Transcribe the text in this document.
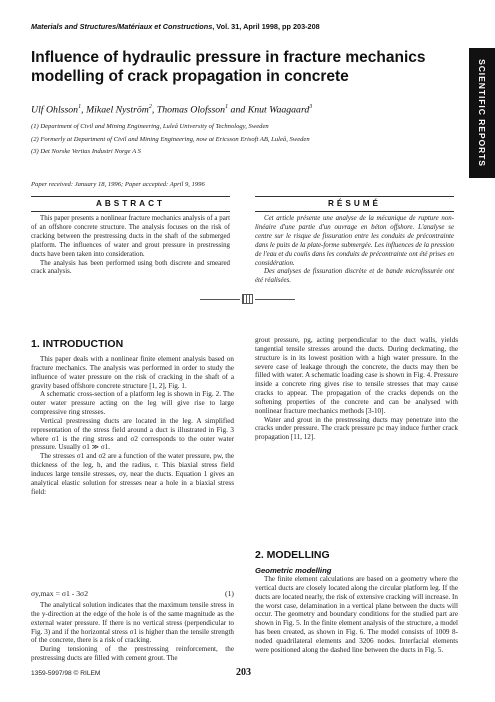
Materials and Structures/Matériaux et Constructions, Vol. 31, April 1998, pp 203-208
SCIENTIFIC REPORTS
Influence of hydraulic pressure in fracture mechanics modelling of crack propagation in concrete
Ulf Ohlsson$^1$, Mikael Nyström$^2$, Thomas Olofsson$^1$ and Knut Waagaard$^3$
(1) Department of Civil and Mining Engineering, Luleå University of Technology, Sweden
(2) Formerly at Department of Civil and Mining Engineering, now at Ericsson Erisoft AB, Luleå, Sweden
(3) Det Norske Veritas Industri Norge A S
Paper received: January 18, 1996; Paper accepted: April 9, 1996
ABSTRACT	RÉSUMÉ

This paper presents a nonlinear fracture mechanics analysis of a part of an offshore concrete structure. The analysis focuses on the risk of cracking between the prestressing ducts in the shaft of the submerged platform. The influences of water and grout pressure in prestressing ducts have been taken into consideration.

The analysis has been performed using both discrete and smeared crack analysis.

Cet article présente une analyse de la mécanique de rupture non-linéaire d'une partie d'un ouvrage en béton offshore. L'analyse se centre sur le risque de fissuration entre les conduits de précontrainte dans le puits de la plate-forme submergée. Les influences de la pression de l'eau et du coulis dans les conduits de précontrainte ont été prises en considération.

Des analyses de fissuration discrète et de bande microfissurée ont été réalisées.

1. INTRODUCTION

This paper deals with a nonlinear finite element analysis based on fracture mechanics. The analysis was performed in order to study the influence of water pressure on the risk of cracking in the shaft of a gravity based offshore concrete structure [1, 2], Fig. 1.

A schematic cross-section of a platform leg is shown in Fig. 2. The outer water pressure acting on the leg will give rise to large compressive ring stresses.

Vertical prestressing ducts are located in the leg. A simplified representation of the stress field around a duct is illustrated in Fig. 3 where σ1 is the ring stress and σ2 corresponds to the outer water pressure. Usually σ1 ≫ σ1.

The stresses σ1 and σ2 are a function of the water pressure, pw, the thickness of the leg, h, and the radius, r. This biaxial stress field induces large tensile stresses, σy, near the ducts. Equation 1 gives an analytical elastic solution for stresses near a hole in a biaxial stress field:

σy,max = σ1 - 3σ2	(1)

The analytical solution indicates that the maximum tensile stress in the y-direction at the edge of the hole is of the same magnitude as the external water pressure. If there is no vertical stress (perpendicular to Fig. 3) and if the horizontal stress σ1 is higher than the tensile strength of the concrete, there is a risk of cracking.

During tensioning of the prestressing reinforcement, the prestressing ducts are filled with cement grout. The

grout pressure, pg, acting perpendicular to the duct walls, yields tangential tensile stresses around the ducts. During deckmating, the structure is in its lowest position with a high water pressure. In the severe case of leakage through the concrete, the ducts may then be filled with water. A schematic loading case is shown in Fig. 4. Pressure inside a concrete ring gives rise to tensile stresses that may cause cracks to appear. The propagation of the cracks depends on the softening properties of the concrete and can be analysed with nonlinear fracture mechanics methods [3-10].

Water and grout in the prestressing ducts may penetrate into the cracks under pressure. The crack pressure pc may induce further crack propagation [11, 12].

2. MODELLING
Geometric modelling

The finite element calculations are based on a geometry where the vertical ducts are closely located along the circular platform leg. If the ducts are located nearly, the risk of extensive cracking will increase. In the worst case, delamination in a vertical plane between the ducts will occur. The geometry and boundary conditions for the studied part are shown in Fig. 5. In the finite element analysis of the structure, a model has been created, as shown in Fig. 6. The model consists of 1009 8-noded quadrilateral elements and 3206 nodes. Interfacial elements were positioned along the dashed line between the ducts in Fig. 5.

1359-5997/98 © RILEM	203
